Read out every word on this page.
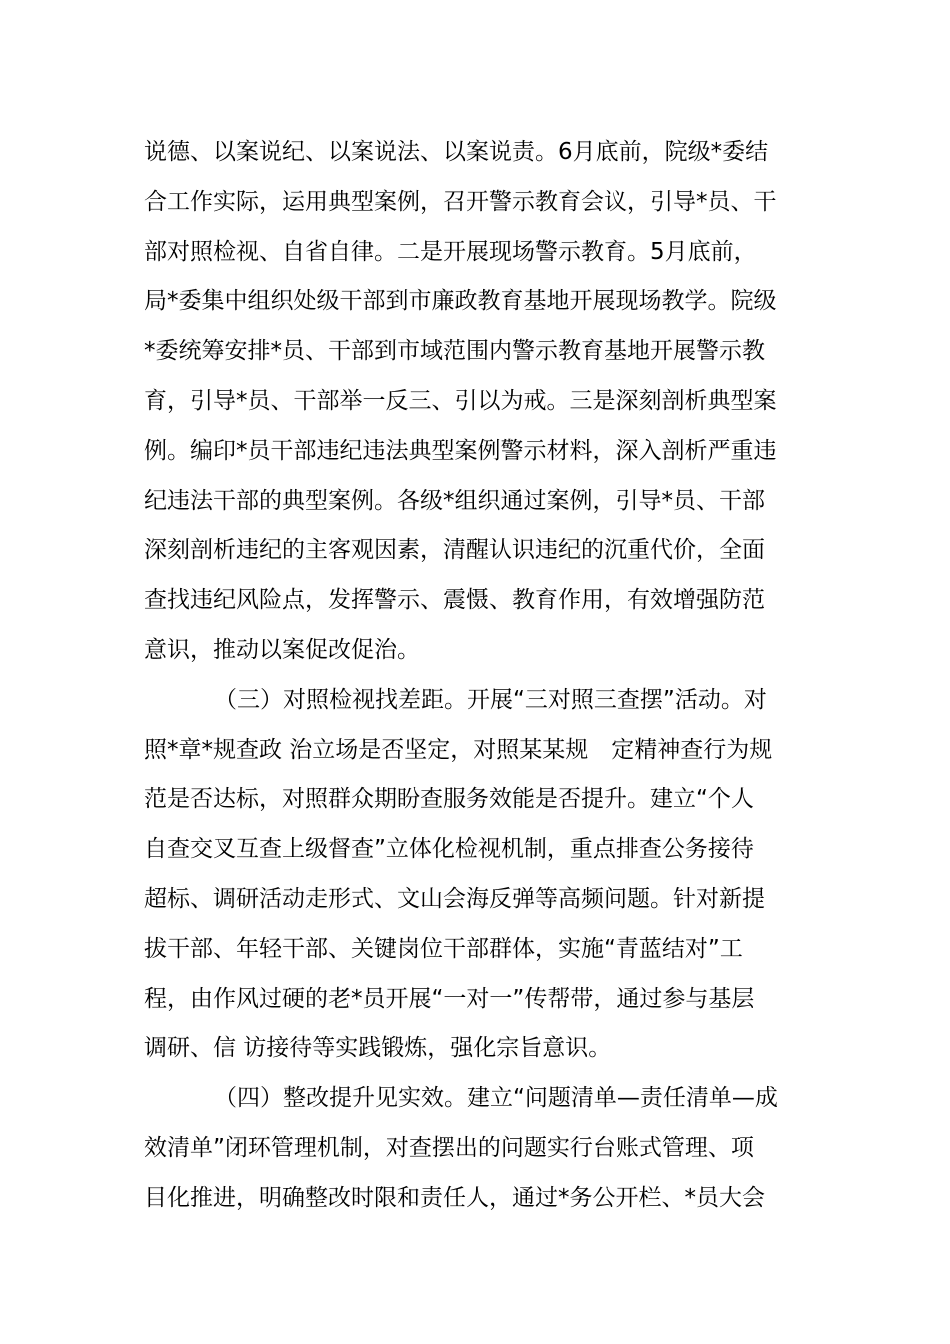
说德、以案说纪、以案说法、以案说责。6月底前，院级*委结
合工作实际，运用典型案例，召开警示教育会议，引导*员、干
部对照检视、自省自律。二是开展现场警示教育。5月底前，
局*委集中组织处级干部到市廉政教育基地开展现场教学。院级
*委统筹安排*员、干部到市域范围内警示教育基地开展警示教
育，引导*员、干部举一反三、引以为戒。三是深刻剖析典型案
例。编印*员干部违纪违法典型案例警示材料，深入剖析严重违
纪违法干部的典型案例。各级*组织通过案例，引导*员、干部
深刻剖析违纪的主客观因素，清醒认识违纪的沉重代价，全面
查找违纪风险点，发挥警示、震慑、教育作用，有效增强防范
意识，推动以案促改促治。
（三）对照检视找差距。开展“三对照三查摆”活动。对
照*章*规查政 治立场是否坚定，对照某某规　定精神查行为规
范是否达标，对照群众期盼查服务效能是否提升。建立“个人
自查交叉互查上级督查”立体化检视机制，重点排查公务接待
超标、调研活动走形式、文山会海反弹等高频问题。针对新提
拔干部、年轻干部、关键岗位干部群体，实施“青蓝结对”工
程，由作风过硬的老*员开展“一对一”传帮带，通过参与基层
调研、信 访接待等实践锻炼，强化宗旨意识。
（四）整改提升见实效。建立“问题清单—责任清单—成
效清单”闭环管理机制，对查摆出的问题实行台账式管理、项
目化推进，明确整改时限和责任人，通过*务公开栏、*员大会
